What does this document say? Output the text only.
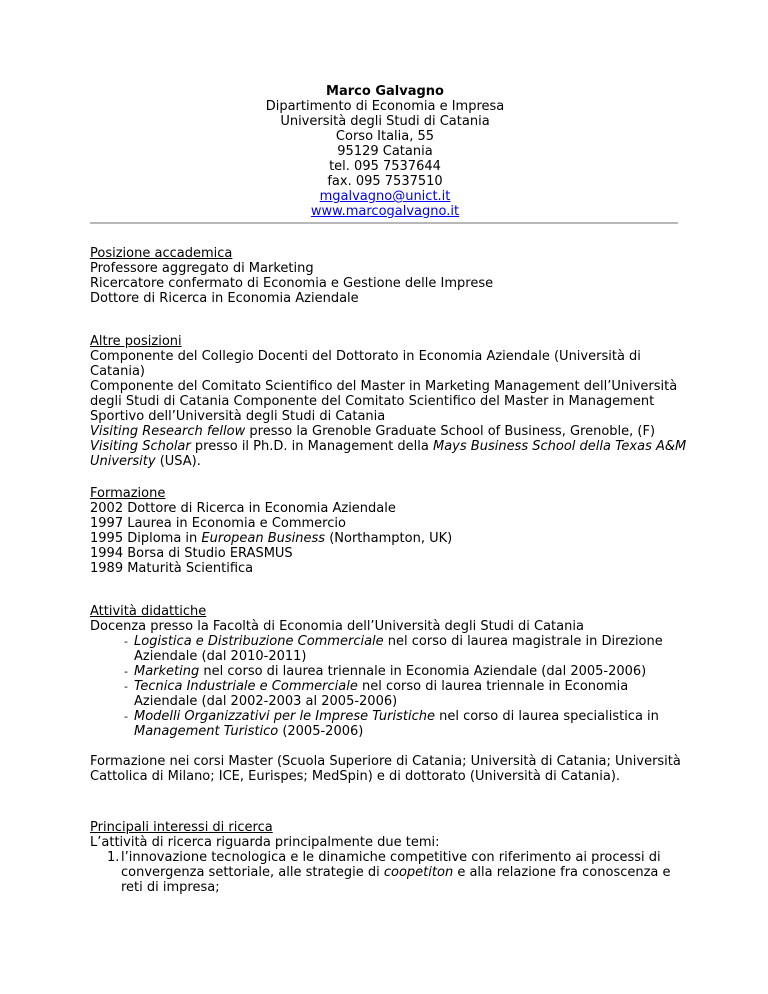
Marco Galvagno
Dipartimento di Economia e Impresa
Università degli Studi di Catania
Corso Italia, 55
95129 Catania
tel. 095 7537644
fax. 095 7537510
mgalvagno@unict.it
www.marcogalvagno.it
Posizione accademica
Professore aggregato di Marketing
Ricercatore confermato di Economia e Gestione delle Imprese
Dottore di Ricerca in Economia Aziendale
Altre posizioni
Componente del Collegio Docenti del Dottorato in Economia Aziendale (Università di Catania)
Componente del Comitato Scientifico del Master in Marketing Management dell’Università degli Studi di Catania Componente del Comitato Scientifico del Master in Management Sportivo dell’Università degli Studi di Catania
Visiting Research fellow presso la Grenoble Graduate School of Business, Grenoble, (F)
Visiting Scholar presso il Ph.D. in Management della Mays Business School della Texas A&M University (USA).
Formazione
2002 Dottore di Ricerca in Economia Aziendale
1997 Laurea in Economia e Commercio
1995 Diploma in European Business (Northampton, UK)
1994 Borsa di Studio ERASMUS
1989 Maturità Scientifica
Attività didattiche
Docenza presso la Facoltà di Economia dell’Università degli Studi di Catania
- Logistica e Distribuzione Commerciale nel corso di laurea magistrale in Direzione Aziendale (dal 2010-2011)
- Marketing nel corso di laurea triennale in Economia Aziendale (dal 2005-2006)
- Tecnica Industriale e Commerciale nel corso di laurea triennale in Economia Aziendale (dal 2002-2003 al 2005-2006)
- Modelli Organizzativi per le Imprese Turistiche nel corso di laurea specialistica in Management Turistico (2005-2006)
Formazione nei corsi Master (Scuola Superiore di Catania; Università di Catania; Università Cattolica di Milano; ICE, Eurispes; MedSpin) e di dottorato (Università di Catania).
Principali interessi di ricerca
L’attività di ricerca riguarda principalmente due temi:
1. l’innovazione tecnologica e le dinamiche competitive con riferimento ai processi di convergenza settoriale, alle strategie di coopetiton e alla relazione fra conoscenza e reti di impresa;
